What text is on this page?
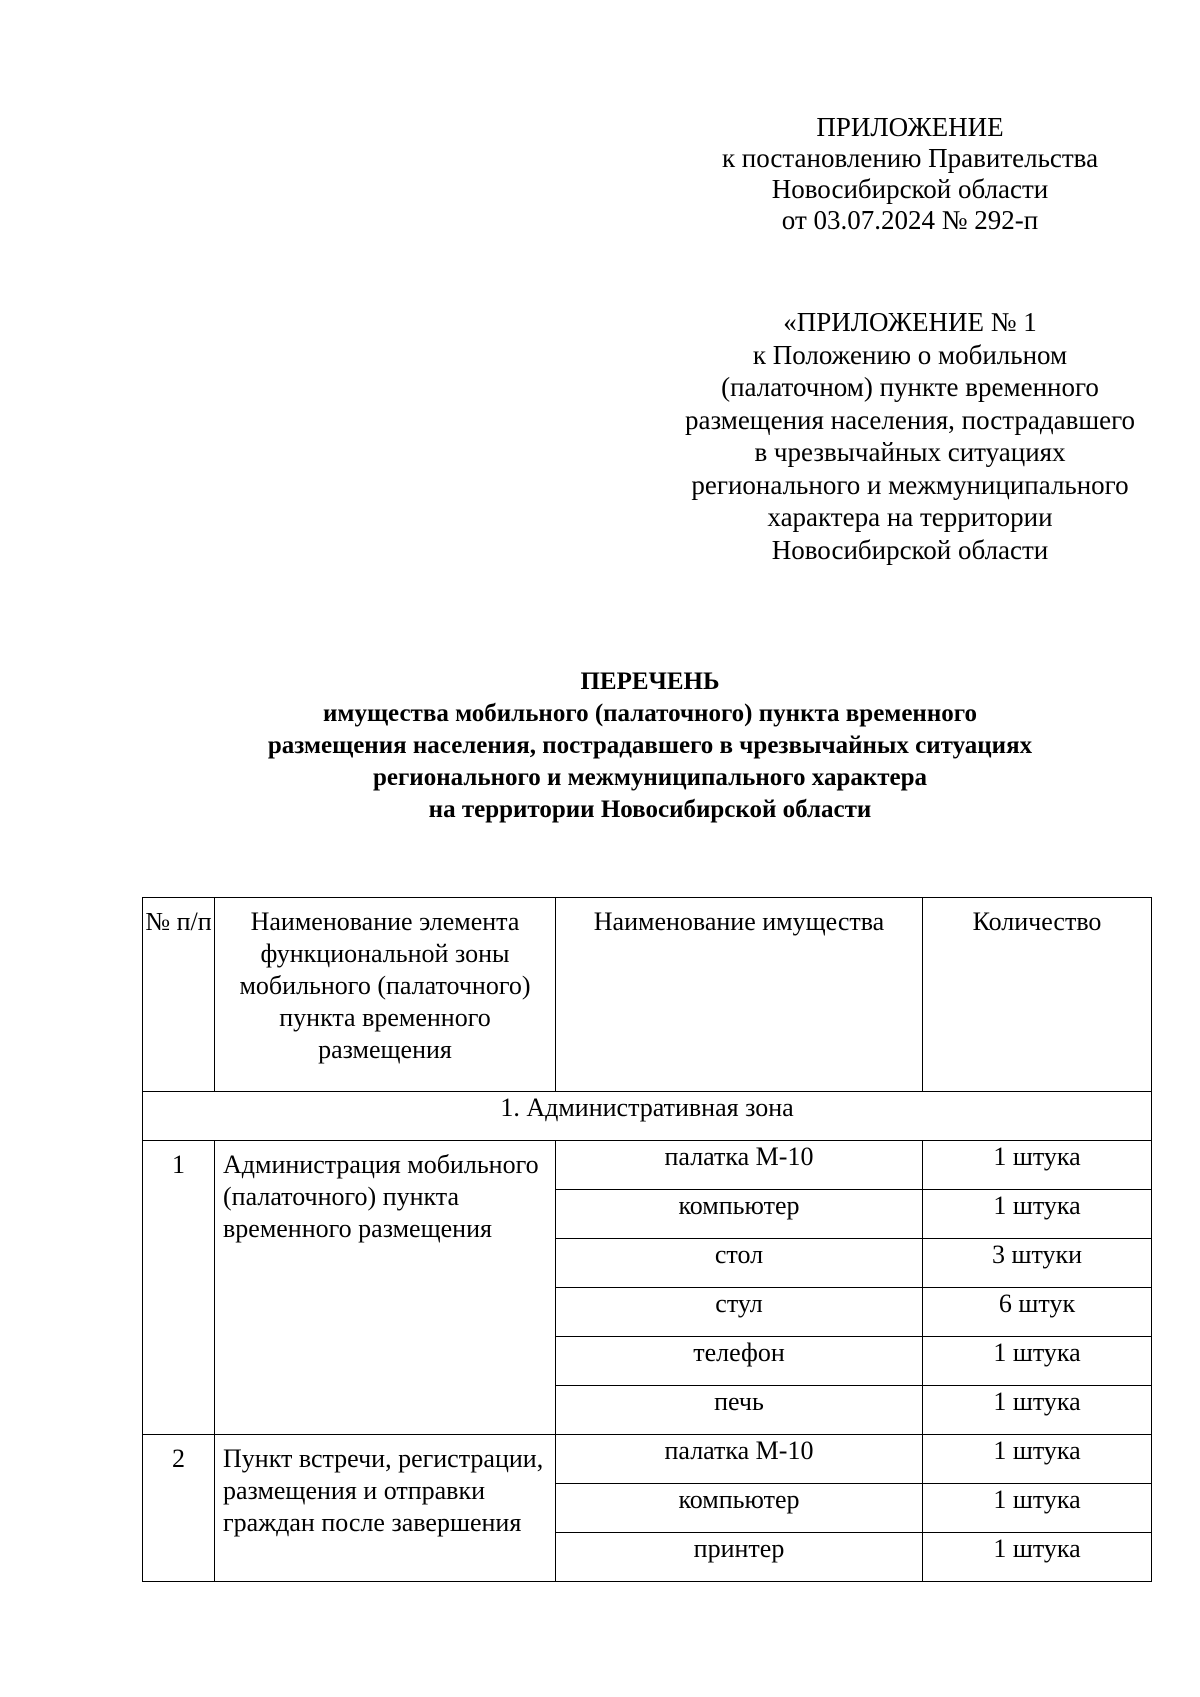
ПРИЛОЖЕНИЕ
к постановлению Правительства
Новосибирской области
от 03.07.2024 № 292-п
«ПРИЛОЖЕНИЕ № 1
к Положению о мобильном
(палаточном) пункте временного
размещения населения, пострадавшего
в чрезвычайных ситуациях
регионального и межмуниципального
характера на территории
Новосибирской области
ПЕРЕЧЕНЬ
имущества мобильного (палаточного) пункта временного
размещения населения, пострадавшего в чрезвычайных ситуациях
регионального и межмуниципального характера
на территории Новосибирской области
№ п/п	Наименование элемента функциональной зоны мобильного (палаточного) пункта временного размещения	Наименование имущества	Количество
1. Административная зона			
1	Администрация мобильного (палаточного) пункта временного размещения	палатка М-10	1 штука
		компьютер	1 штука
		стол	3 штуки
		стул	6 штук
		телефон	1 штука
		печь	1 штука
2	Пункт встречи, регистрации, размещения и отправки граждан после завершения	палатка М-10	1 штука
		компьютер	1 штука
		принтер	1 штука
